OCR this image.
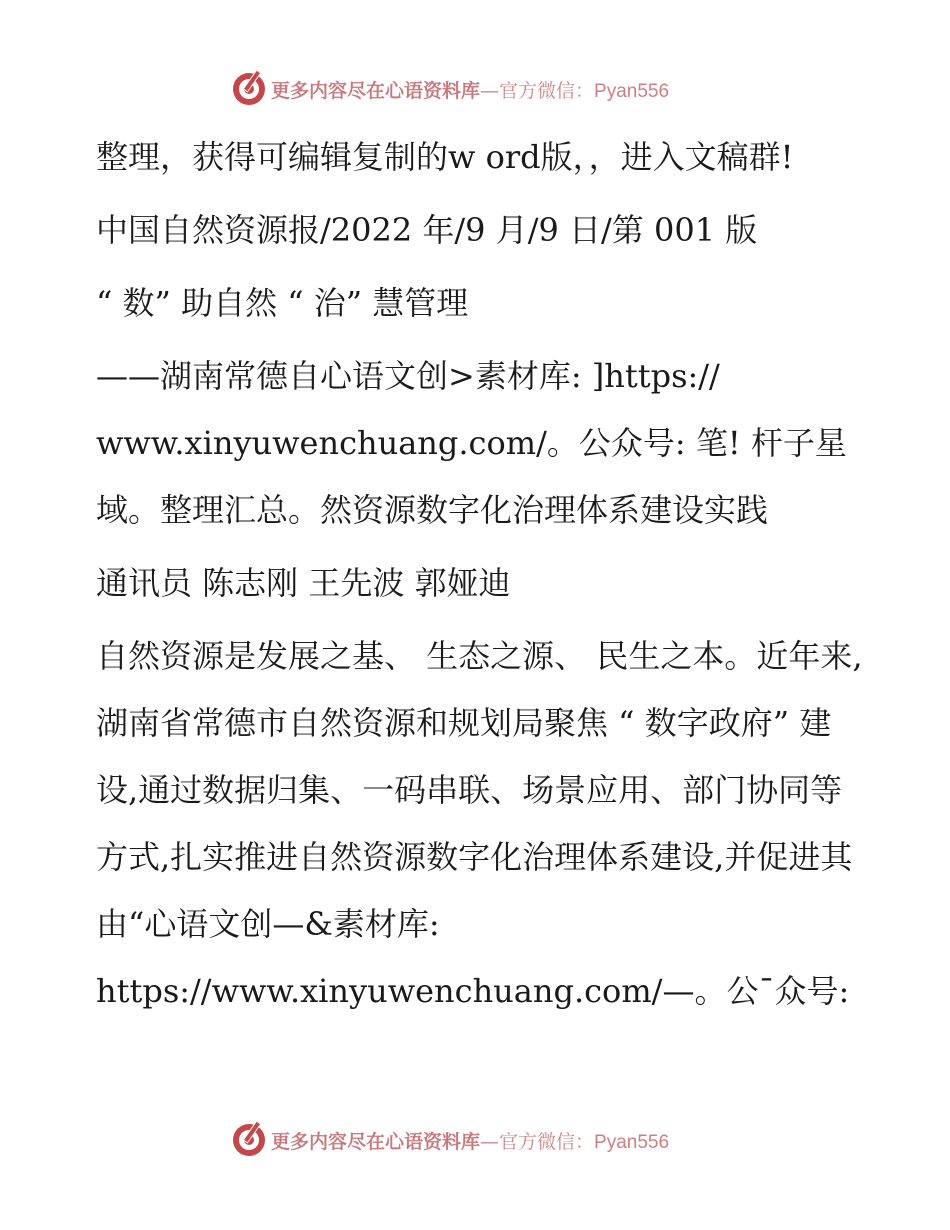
更多内容尽在心语资料库—官方微信：Pyan556

整理，获得可编辑复制的w ord版，，进入文稿群!

中国自然资源报/2022 年/9 月/9 日/第 001 版

“ 数” 助自然 “ 治” 慧管理

——湖南常德自心语文创>素材库: ]https:// www.xinyuwenchuang.com/。公众号: 笔! 杆子星域。整理汇总。然资源数字化治理体系建设实践

通讯员 陈志刚 王先波 郭娅迪

自然资源是发展之基、 生态之源、 民生之本。近年来,湖南省常德市自然资源和规划局聚焦 “ 数字政府” 建设,通过数据归集、一码串联、场景应用、部门协同等方式,扎实推进自然资源数字化治理体系建设,并促进其由“心语文创—&素材库: https://www.xinyuwenchuang.com/—。公¯众号:

更多内容尽在心语资料库—官方微信：Pyan556
